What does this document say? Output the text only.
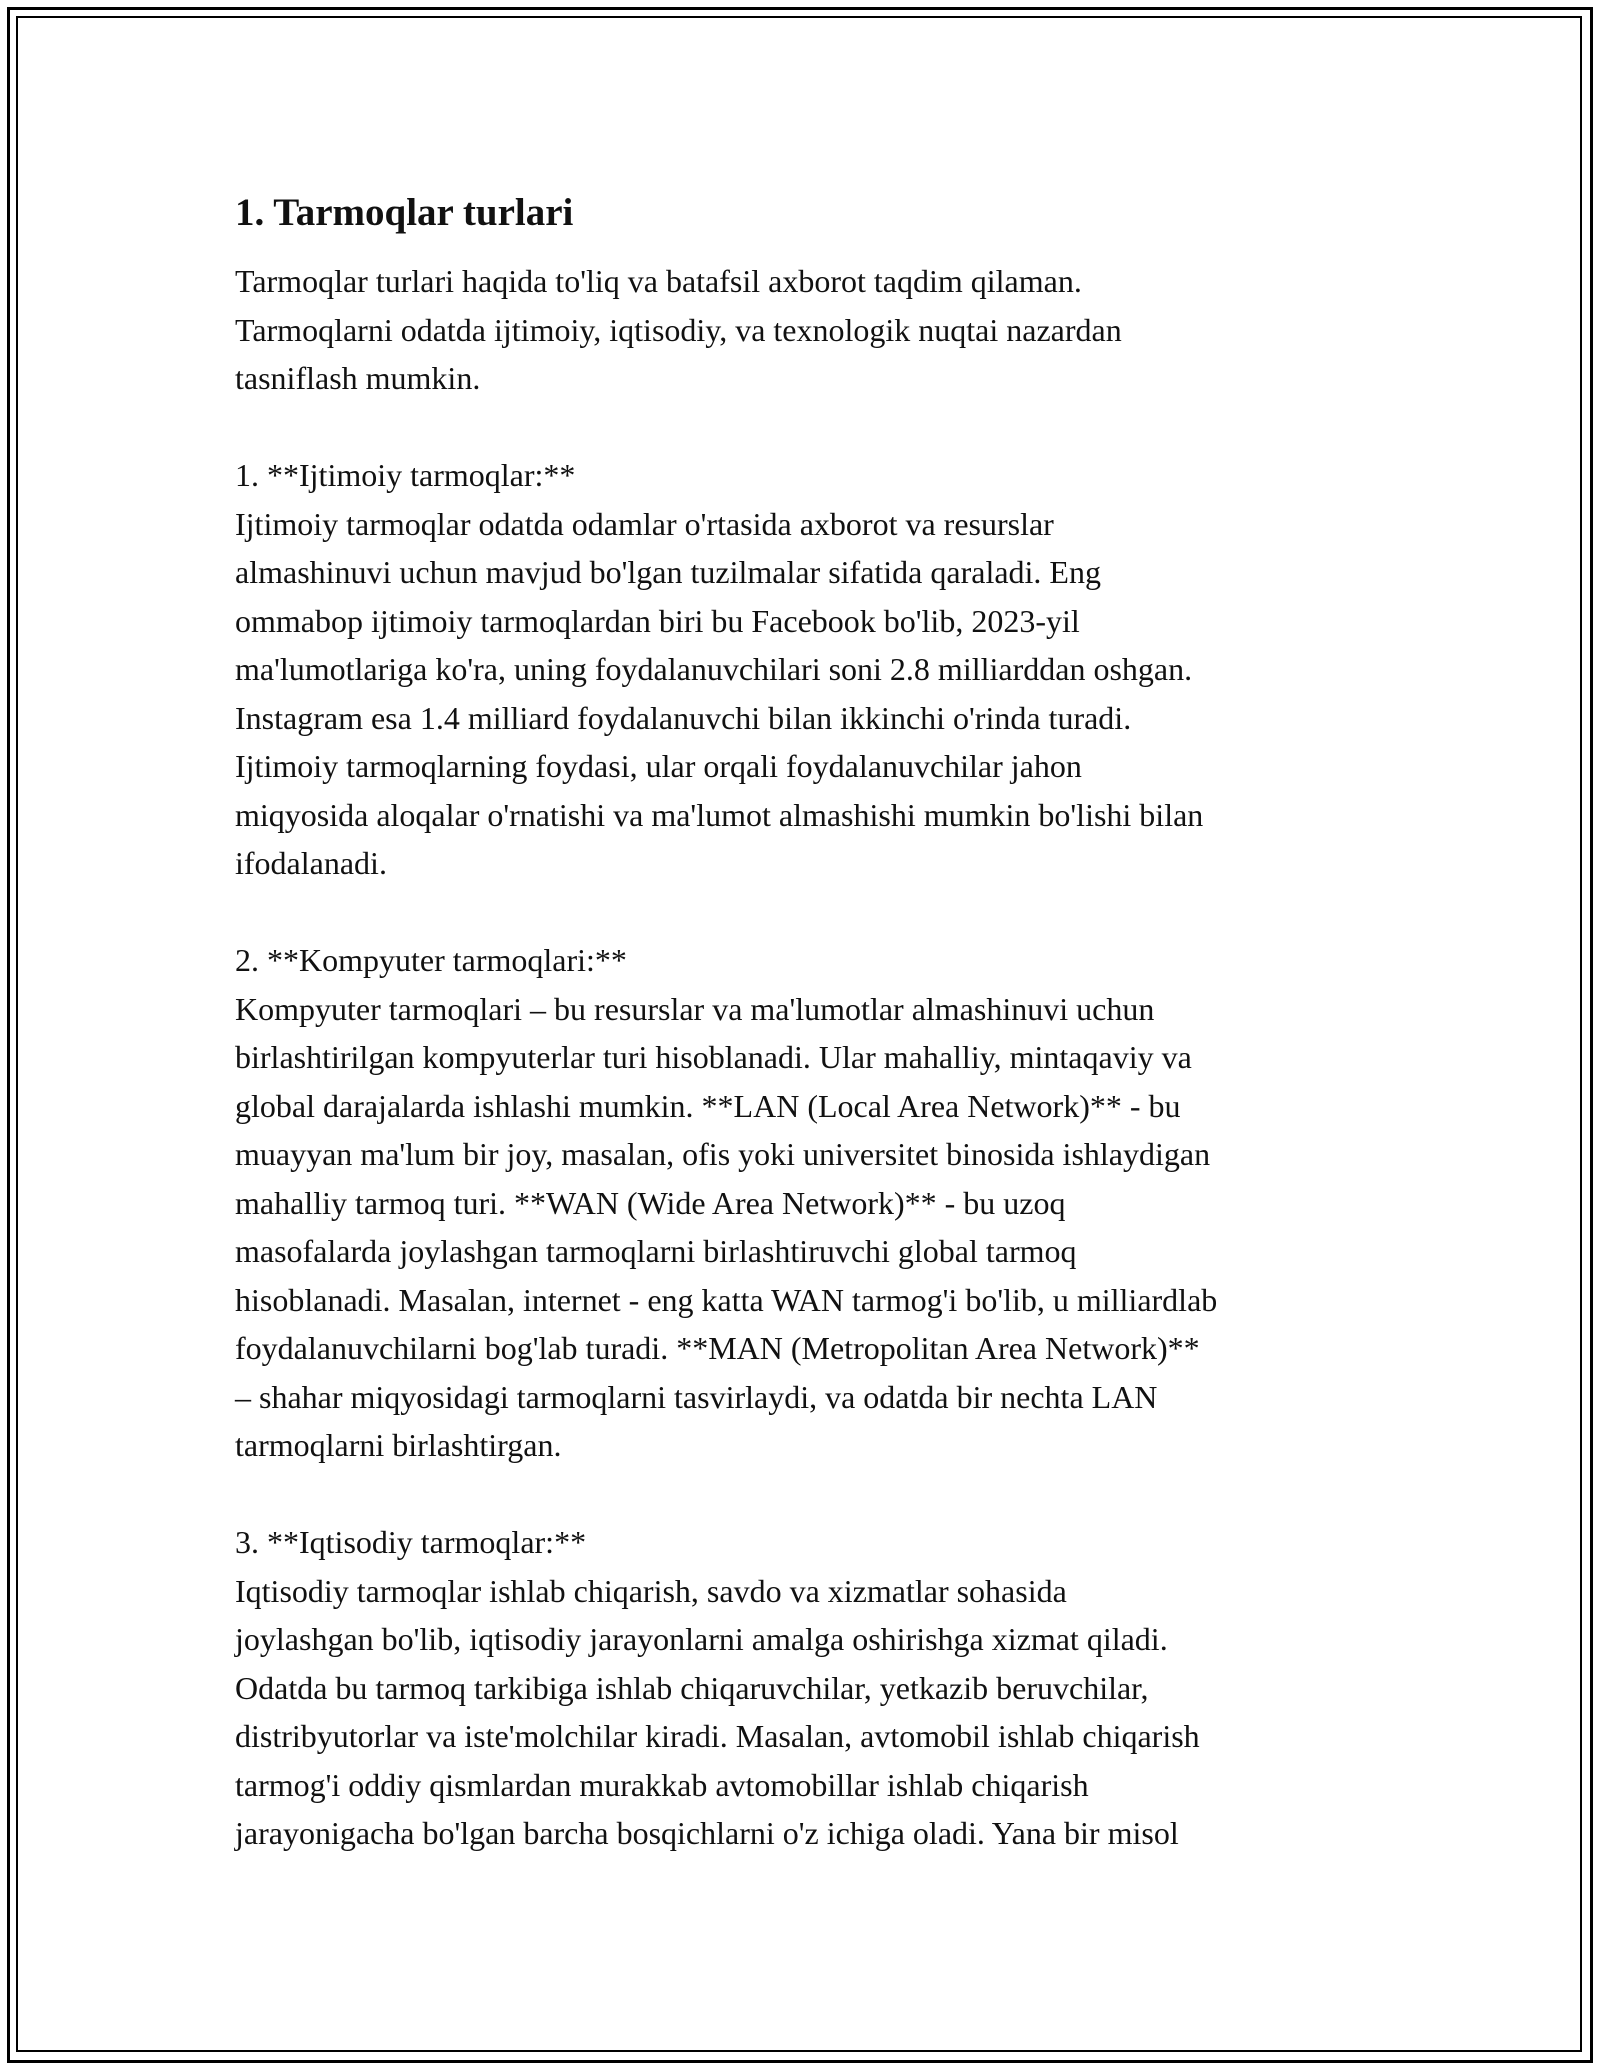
1. Tarmoqlar turlari

Tarmoqlar turlari haqida to'liq va batafsil axborot taqdim qilaman.
Tarmoqlarni odatda ijtimoiy, iqtisodiy, va texnologik nuqtai nazardan
tasniflash mumkin.

1. **Ijtimoiy tarmoqlar:**
Ijtimoiy tarmoqlar odatda odamlar o'rtasida axborot va resurslar
almashinuvi uchun mavjud bo'lgan tuzilmalar sifatida qaraladi. Eng
ommabop ijtimoiy tarmoqlardan biri bu Facebook bo'lib, 2023-yil
ma'lumotlariga ko'ra, uning foydalanuvchilari soni 2.8 milliarddan oshgan.
Instagram esa 1.4 milliard foydalanuvchi bilan ikkinchi o'rinda turadi.
Ijtimoiy tarmoqlarning foydasi, ular orqali foydalanuvchilar jahon
miqyosida aloqalar o'rnatishi va ma'lumot almashishi mumkin bo'lishi bilan
ifodalanadi.

2. **Kompyuter tarmoqlari:**
Kompyuter tarmoqlari – bu resurslar va ma'lumotlar almashinuvi uchun
birlashtirilgan kompyuterlar turi hisoblanadi. Ular mahalliy, mintaqaviy va
global darajalarda ishlashi mumkin. **LAN (Local Area Network)** - bu
muayyan ma'lum bir joy, masalan, ofis yoki universitet binosida ishlaydigan
mahalliy tarmoq turi. **WAN (Wide Area Network)** - bu uzoq
masofalarda joylashgan tarmoqlarni birlashtiruvchi global tarmoq
hisoblanadi. Masalan, internet - eng katta WAN tarmog'i bo'lib, u milliardlab
foydalanuvchilarni bog'lab turadi. **MAN (Metropolitan Area Network)**
– shahar miqyosidagi tarmoqlarni tasvirlaydi, va odatda bir nechta LAN
tarmoqlarni birlashtirgan.

3. **Iqtisodiy tarmoqlar:**
Iqtisodiy tarmoqlar ishlab chiqarish, savdo va xizmatlar sohasida
joylashgan bo'lib, iqtisodiy jarayonlarni amalga oshirishga xizmat qiladi.
Odatda bu tarmoq tarkibiga ishlab chiqaruvchilar, yetkazib beruvchilar,
distribyutorlar va iste'molchilar kiradi. Masalan, avtomobil ishlab chiqarish
tarmog'i oddiy qismlardan murakkab avtomobillar ishlab chiqarish
jarayonigacha bo'lgan barcha bosqichlarni o'z ichiga oladi. Yana bir misol
